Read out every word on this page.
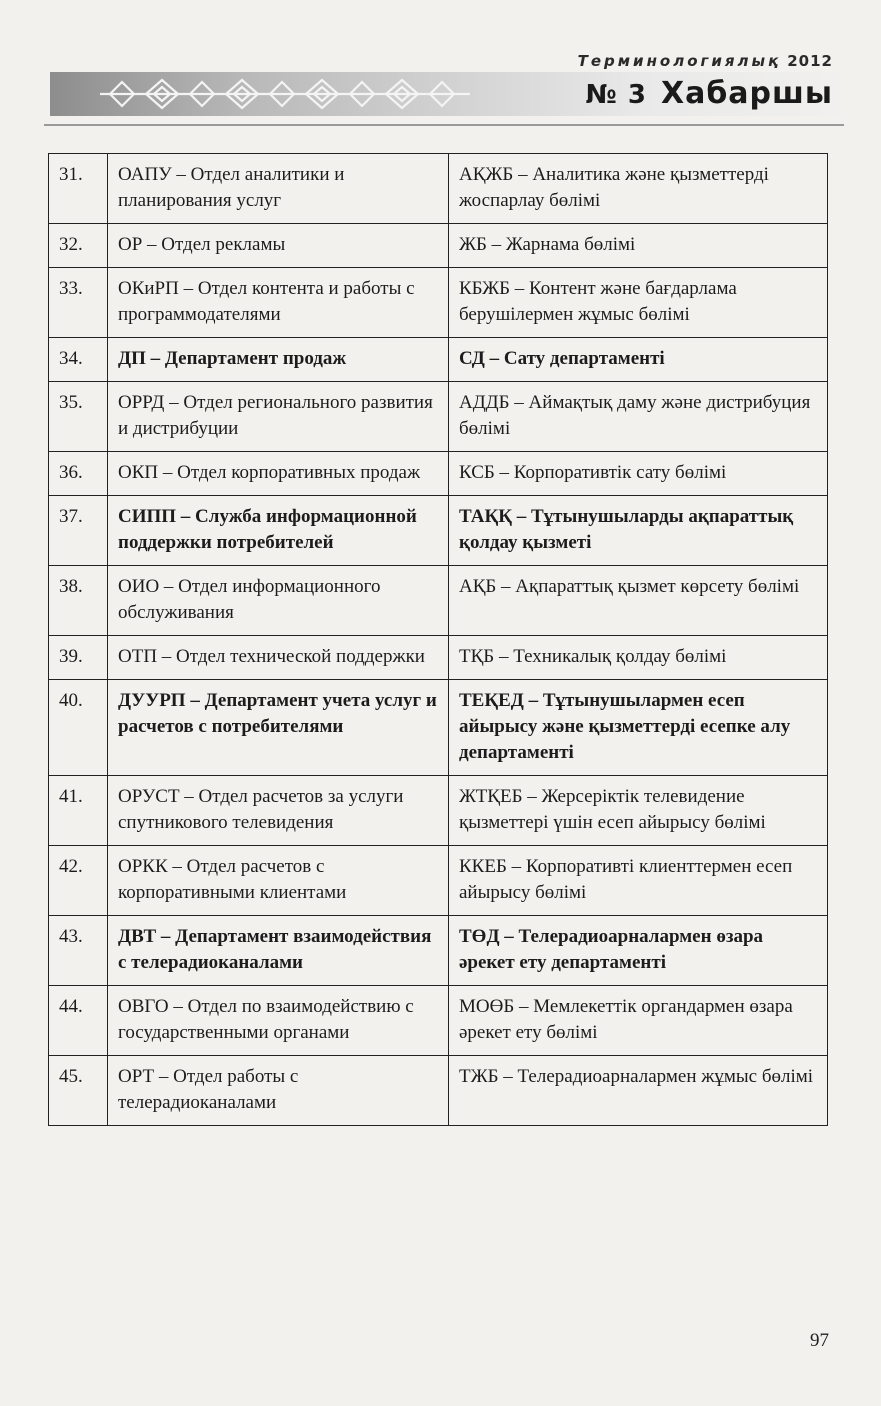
Терминологиялық 2012
№ 3 Хабаршы
31.	ОАПУ – Отдел аналитики и планирования услуг	АҚЖБ – Аналитика және қызметтерді жоспарлау бөлімі
32.	ОР – Отдел рекламы	ЖБ – Жарнама бөлімі
33.	ОКиРП – Отдел контента и работы с программодателями	КБЖБ – Контент және бағдарлама берушілермен жұмыс бөлімі
34.	ДП – Департамент продаж	СД – Сату департаменті
35.	ОРРД – Отдел регионального развития и дистрибуции	АДДБ – Аймақтық даму және дистрибуция бөлімі
36.	ОКП – Отдел корпоративных продаж	КСБ – Корпоративтік сату бөлімі
37.	СИПП – Служба информационной поддержки потребителей	ТАҚҚ – Тұтынушыларды ақпараттық қолдау қызметі
38.	ОИО – Отдел информационного обслуживания	АҚБ – Ақпараттық қызмет көрсету бөлімі
39.	ОТП – Отдел технической поддержки	ТҚБ – Техникалық қолдау бөлімі
40.	ДУУРП – Департамент учета услуг и расчетов с потребителями	ТЕҚЕД – Тұтынушылармен есеп айырысу және қызметтерді есепке алу департаменті
41.	ОРУСТ – Отдел расчетов за услуги спутникового телевидения	ЖТҚЕБ – Жерсеріктік телевидение қызметтері үшін есеп айырысу бөлімі
42.	ОРКК – Отдел расчетов с корпоративными клиентами	ККЕБ – Корпоративті клиенттермен есеп айырысу бөлімі
43.	ДВТ – Департамент взаимодействия с телерадиоканалами	ТӨД – Телерадиоарналармен өзара әрекет ету департаменті
44.	ОВГО – Отдел по взаимодействию с государственными органами	МОӨБ – Мемлекеттік органдармен өзара әрекет ету бөлімі
45.	ОРТ – Отдел работы с телерадиоканалами	ТЖБ – Телерадиоарналармен жұмыс бөлімі
97
